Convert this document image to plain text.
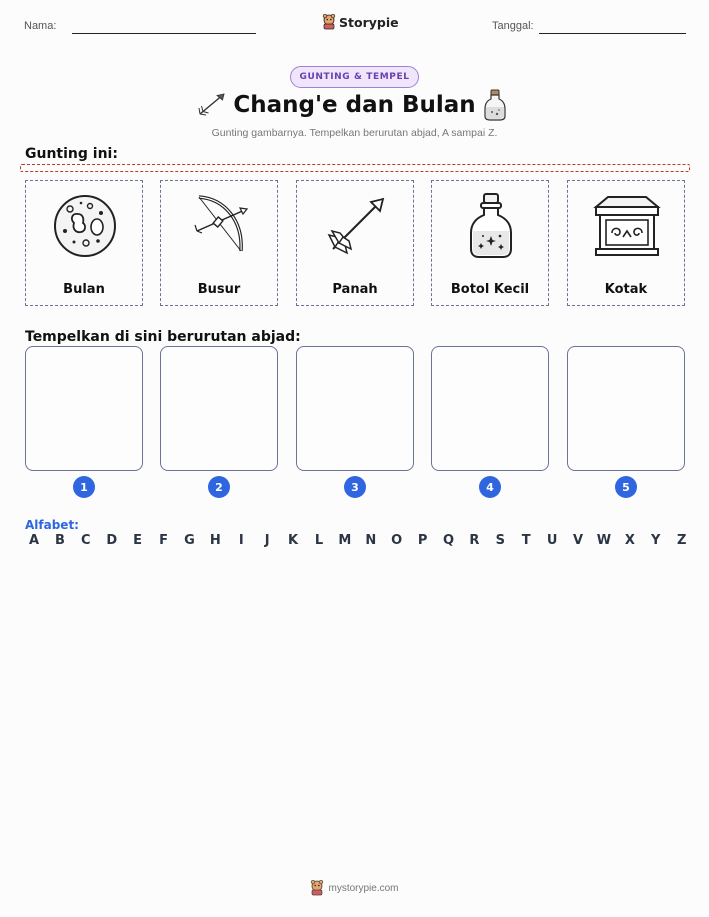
Nama:	Storypie	Tanggal:
GUNTING & TEMPEL
Chang'e dan Bulan
Gunting gambarnya. Tempelkan berurutan abjad, A sampai Z.
Gunting ini:
Bulan	Busur	Panah	Botol Kecil	Kotak
Tempelkan di sini berurutan abjad:
1	2	3	4	5
Alfabet:
A B C D E F G H	I	J	K L M N O P Q R S T U V W X Y Z
mystorypie.com
